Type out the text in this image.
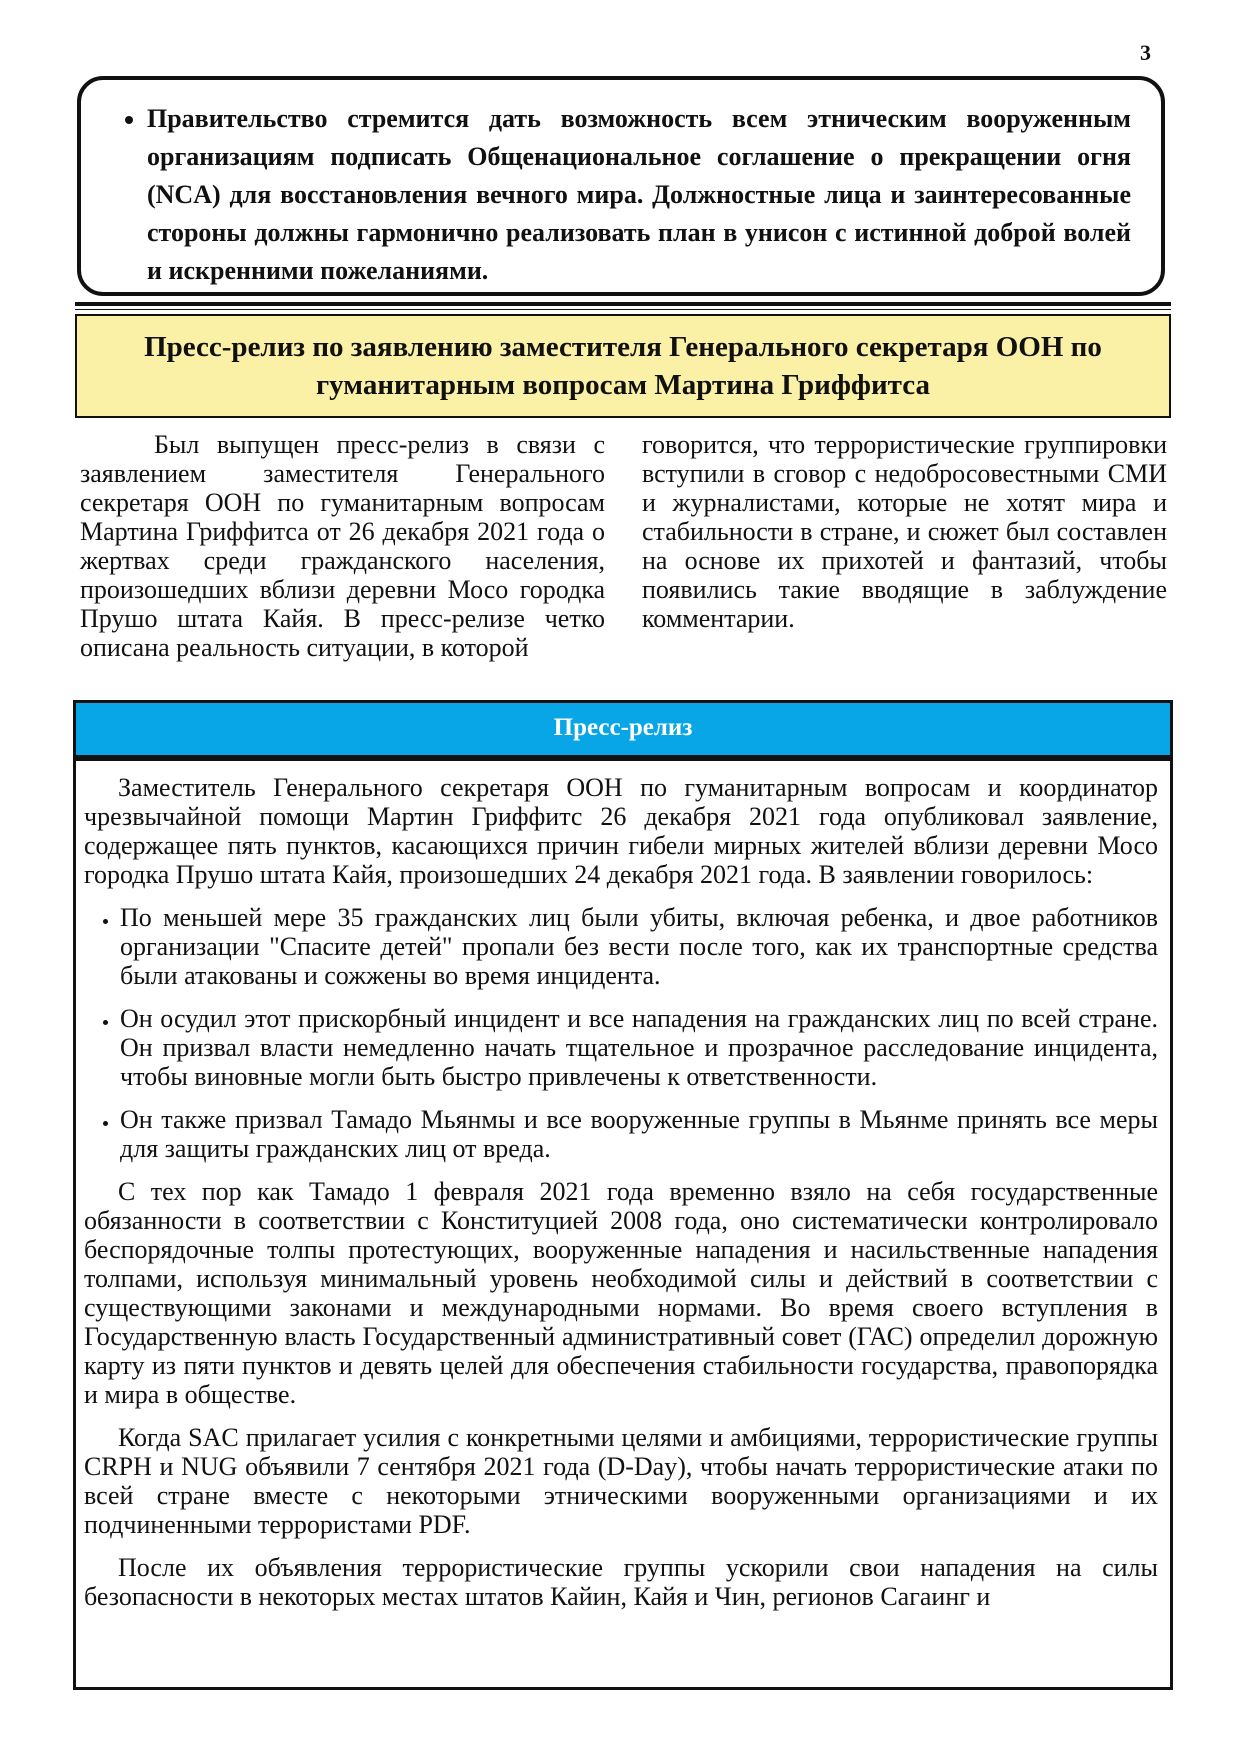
3
• Правительство стремится дать возможность всем этническим вооруженным организациям подписать Общенациональное соглашение о прекращении огня (NCA) для восстановления вечного мира. Должностные лица и заинтересованные стороны должны гармонично реализовать план в унисон с истинной доброй волей и искренними пожеланиями.
Пресс-релиз по заявлению заместителя Генерального секретаря ООН по
гуманитарным вопросам Мартина Гриффитса

Был выпущен пресс-релиз в связи с заявлением заместителя Генерального секретаря ООН по гуманитарным вопросам Мартина Гриффитса от 26 декабря 2021 года о жертвах среди гражданского населения, произошедших вблизи деревни Мосо городка Прушо штата Кайя. В пресс-релизе четко описана реальность ситуации, в которой

говорится, что террористические группировки вступили в сговор с недобросовестными СМИ и журналистами, которые не хотят мира и стабильности в стране, и сюжет был составлен на основе их прихотей и фантазий, чтобы появились такие вводящие в заблуждение комментарии.

Пресс-релиз

Заместитель Генерального секретаря ООН по гуманитарным вопросам и координатор чрезвычайной помощи Мартин Гриффитс 26 декабря 2021 года опубликовал заявление, содержащее пять пунктов, касающихся причин гибели мирных жителей вблизи деревни Мосо городка Прушо штата Кайя, произошедших 24 декабря 2021 года. В заявлении говорилось:

• По меньшей мере 35 гражданских лиц были убиты, включая ребенка, и двое работников организации "Спасите детей" пропали без вести после того, как их транспортные средства были атакованы и сожжены во время инцидента.
• Он осудил этот прискорбный инцидент и все нападения на гражданских лиц по всей стране. Он призвал власти немедленно начать тщательное и прозрачное расследование инцидента, чтобы виновные могли быть быстро привлечены к ответственности.
• Он также призвал Тамадо Мьянмы и все вооруженные группы в Мьянме принять все меры для защиты гражданских лиц от вреда.

С тех пор как Тамадо 1 февраля 2021 года временно взяло на себя государственные обязанности в соответствии с Конституцией 2008 года, оно систематически контролировало беспорядочные толпы протестующих, вооруженные нападения и насильственные нападения толпами, используя минимальный уровень необходимой силы и действий в соответствии с существующими законами и международными нормами. Во время своего вступления в Государственную власть Государственный административный совет (ГАС) определил дорожную карту из пяти пунктов и девять целей для обеспечения стабильности государства, правопорядка и мира в обществе.

Когда SAC прилагает усилия с конкретными целями и амбициями, террористические группы CRPH и NUG объявили 7 сентября 2021 года (D-Day), чтобы начать террористические атаки по всей стране вместе с некоторыми этническими вооруженными организациями и их подчиненными террористами PDF.

После их объявления террористические группы ускорили свои нападения на силы безопасности в некоторых местах штатов Кайин, Кайя и Чин, регионов Сагаинг и
